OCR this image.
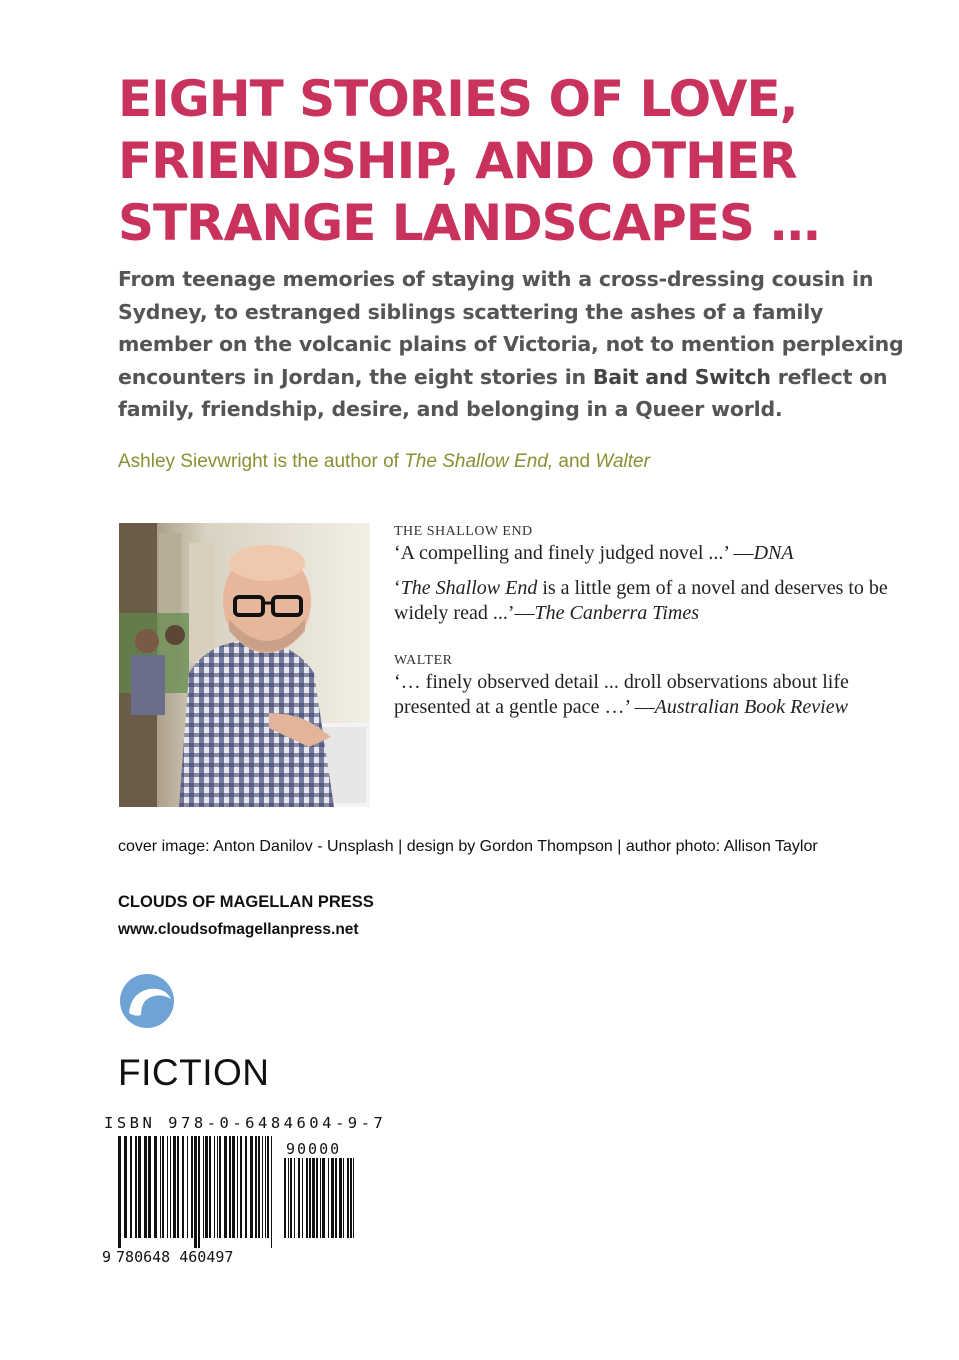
EIGHT STORIES OF LOVE,
FRIENDSHIP, AND OTHER
STRANGE LANDSCAPES …

From teenage memories of staying with a cross-dressing cousin in Sydney, to estranged siblings scattering the ashes of a family member on the volcanic plains of Victoria, not to mention perplexing encounters in Jordan, the eight stories in Bait and Switch reflect on family, friendship, desire, and belonging in a Queer world.

Ashley Sievwright is the author of The Shallow End, and Walter

THE SHALLOW END

‘A compelling and finely judged novel ...’ —DNA

‘The Shallow End is a little gem of a novel and deserves to be widely read ...’—The Canberra Times

WALTER

‘… finely observed detail ... droll observations about life presented at a gentle pace …’ —Australian Book Review

cover image: Anton Danilov - Unsplash | design by Gordon Thompson | author photo: Allison Taylor

CLOUDS OF MAGELLAN PRESS

www.cloudsofmagellanpress.net

FICTION

ISBN 978-0-6484604-9-7
90000
9 780648 460497
